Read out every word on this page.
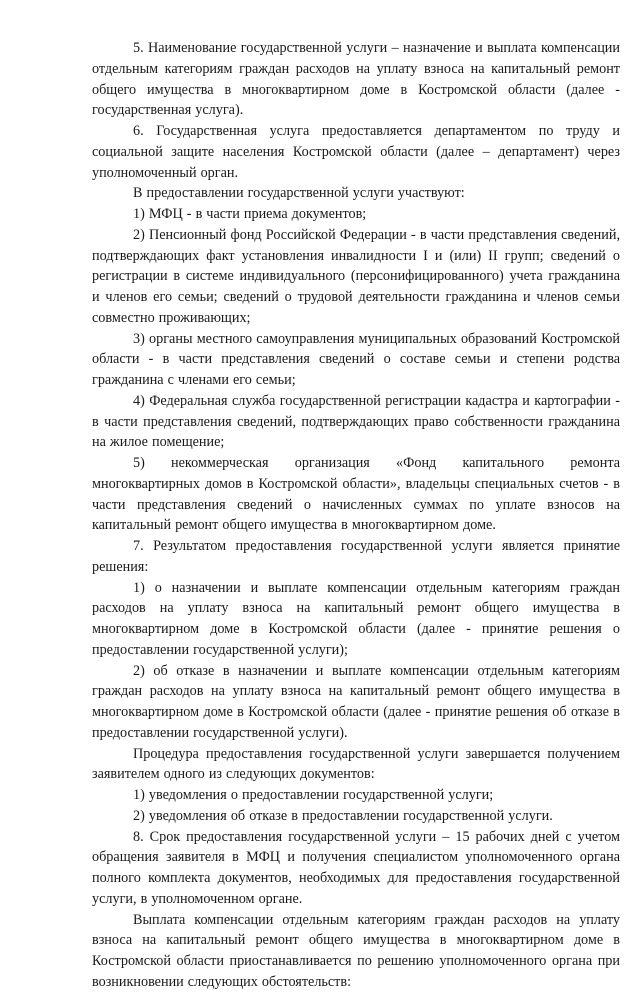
5. Наименование государственной услуги – назначение и выплата компенсации отдельным категориям граждан расходов на уплату взноса на капитальный ремонт общего имущества в многоквартирном доме в Костромской области (далее - государственная услуга).

6. Государственная услуга предоставляется департаментом по труду и социальной защите населения Костромской области (далее – департамент) через уполномоченный орган.

В предоставлении государственной услуги участвуют:

1) МФЦ - в части приема документов;

2) Пенсионный фонд Российской Федерации - в части представления сведений, подтверждающих факт установления инвалидности I и (или) II групп; сведений о регистрации в системе индивидуального (персонифицированного) учета гражданина и членов его семьи; сведений о трудовой деятельности гражданина и членов семьи совместно проживающих;

3) органы местного самоуправления муниципальных образований Костромской области - в части представления сведений о составе семьи и степени родства гражданина с членами его семьи;

4) Федеральная служба государственной регистрации кадастра и картографии - в части представления сведений, подтверждающих право собственности гражданина на жилое помещение;

5) некоммерческая организация «Фонд капитального ремонта многоквартирных домов в Костромской области», владельцы специальных счетов - в части представления сведений о начисленных суммах по уплате взносов на капитальный ремонт общего имущества в многоквартирном доме.

7. Результатом предоставления государственной услуги является принятие решения:

1) о назначении и выплате компенсации отдельным категориям граждан расходов на уплату взноса на капитальный ремонт общего имущества в многоквартирном доме в Костромской области (далее - принятие решения о предоставлении государственной услуги);

2) об отказе в назначении и выплате компенсации отдельным категориям граждан расходов на уплату взноса на капитальный ремонт общего имущества в многоквартирном доме в Костромской области (далее - принятие решения об отказе в предоставлении государственной услуги).

Процедура предоставления государственной услуги завершается получением заявителем одного из следующих документов:

1) уведомления о предоставлении государственной услуги;

2) уведомления об отказе в предоставлении государственной услуги.

8. Срок предоставления государственной услуги – 15 рабочих дней с учетом обращения заявителя в МФЦ и получения специалистом уполномоченного органа полного комплекта документов, необходимых для предоставления государственной услуги, в уполномоченном органе.

Выплата компенсации отдельным категориям граждан расходов на уплату взноса на капитальный ремонт общего имущества в многоквартирном доме в Костромской области приостанавливается по решению уполномоченного органа при возникновении следующих обстоятельств:
